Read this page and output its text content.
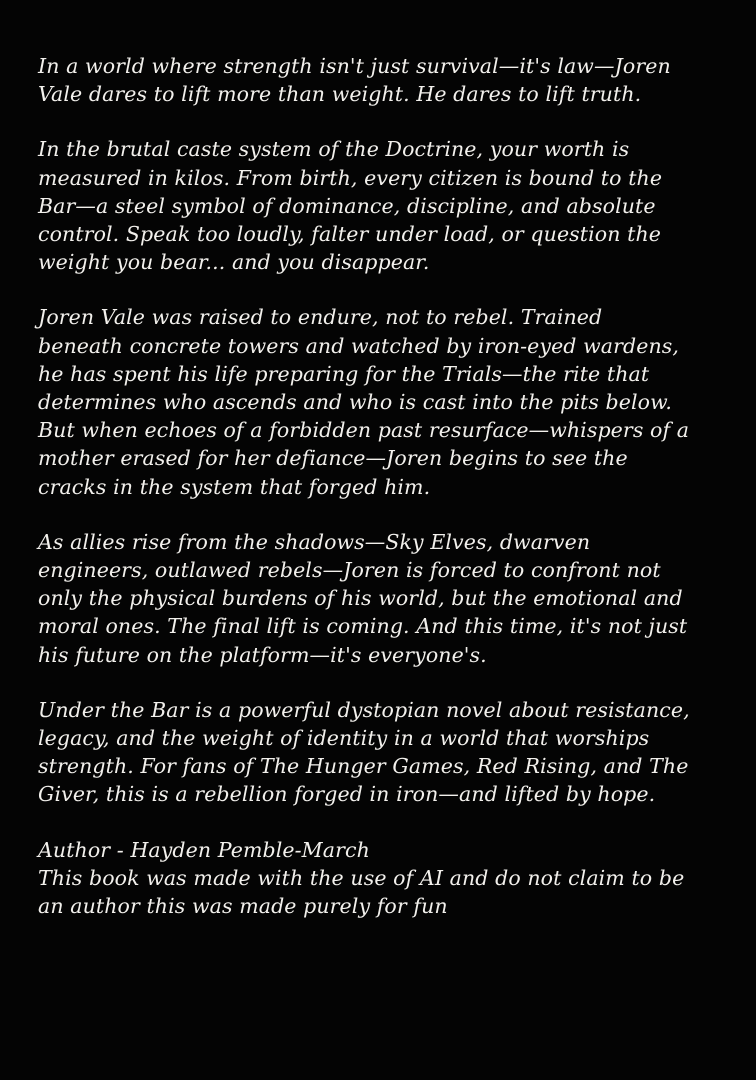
In a world where strength isn't just survival—it's law—Joren Vale dares to lift more than weight. He dares to lift truth.

In the brutal caste system of the Doctrine, your worth is measured in kilos. From birth, every citizen is bound to the Bar—a steel symbol of dominance, discipline, and absolute control. Speak too loudly, falter under load, or question the weight you bear... and you disappear.

Joren Vale was raised to endure, not to rebel. Trained beneath concrete towers and watched by iron-eyed wardens, he has spent his life preparing for the Trials—the rite that determines who ascends and who is cast into the pits below. But when echoes of a forbidden past resurface—whispers of a mother erased for her defiance—Joren begins to see the cracks in the system that forged him.

As allies rise from the shadows—Sky Elves, dwarven engineers, outlawed rebels—Joren is forced to confront not only the physical burdens of his world, but the emotional and moral ones. The final lift is coming. And this time, it's not just his future on the platform—it's everyone's.

Under the Bar is a powerful dystopian novel about resistance, legacy, and the weight of identity in a world that worships strength. For fans of The Hunger Games, Red Rising, and The Giver, this is a rebellion forged in iron—and lifted by hope.

Author - Hayden Pemble-March

This book was made with the use of AI and do not claim to be an author this was made purely for fun
